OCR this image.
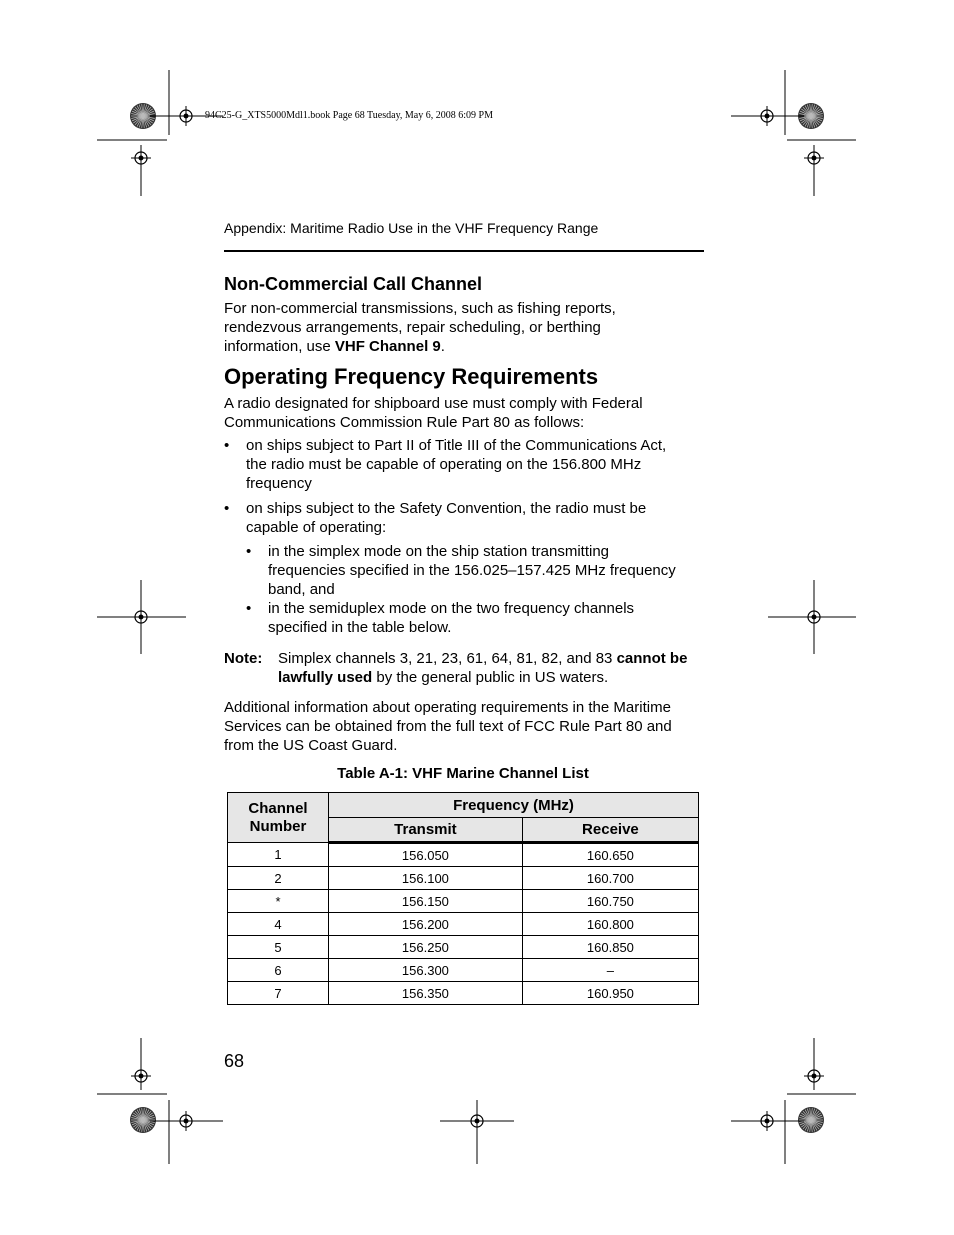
94C25-G_XTS5000Mdl1.book Page 68 Tuesday, May 6, 2008 6:09 PM
Appendix: Maritime Radio Use in the VHF Frequency Range
Non-Commercial Call Channel
For non-commercial transmissions, such as fishing reports,
rendezvous arrangements, repair scheduling, or berthing
information, use VHF Channel 9.
Operating Frequency Requirements
A radio designated for shipboard use must comply with Federal
Communications Commission Rule Part 80 as follows:
• on ships subject to Part II of Title III of the Communications Act,
the radio must be capable of operating on the 156.800 MHz
frequency
• on ships subject to the Safety Convention, the radio must be
capable of operating:
• in the simplex mode on the ship station transmitting
frequencies specified in the 156.025–157.425 MHz frequency
band, and
• in the semiduplex mode on the two frequency channels
specified in the table below.
Note: Simplex channels 3, 21, 23, 61, 64, 81, 82, and 83 cannot be
lawfully used by the general public in US waters.
Additional information about operating requirements in the Maritime
Services can be obtained from the full text of FCC Rule Part 80 and
from the US Coast Guard.
Table A-1: VHF Marine Channel List
Channel
Number	Frequency (MHz)	
	Transmit	Receive
1	156.050	160.650
2	156.100	160.700
*	156.150	160.750
4	156.200	160.800
5	156.250	160.850
6	156.300	–
7	156.350	160.950
68
